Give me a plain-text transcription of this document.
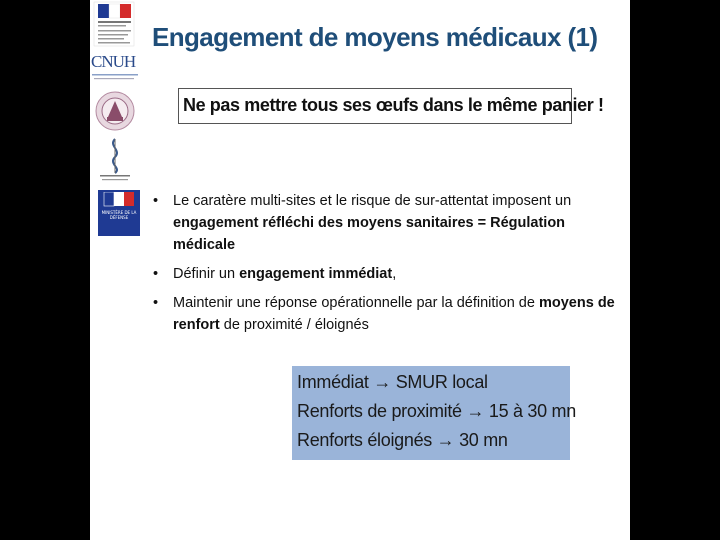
CNUH
MINISTÈRE DE LA DÉFENSE
Engagement de moyens médicaux (1)
Ne pas mettre tous ses œufs dans le même panier !
• Le caratère multi-sites et le risque de sur-attentat imposent un engagement réfléchi des moyens sanitaires = Régulation médicale
• Définir un engagement immédiat,
• Maintenir une réponse opérationnelle par la définition de moyens de renfort de proximité / éloignés
Immédiat → SMUR local
Renforts de proximité → 15 à 30 mn
Renforts éloignés → 30 mn
